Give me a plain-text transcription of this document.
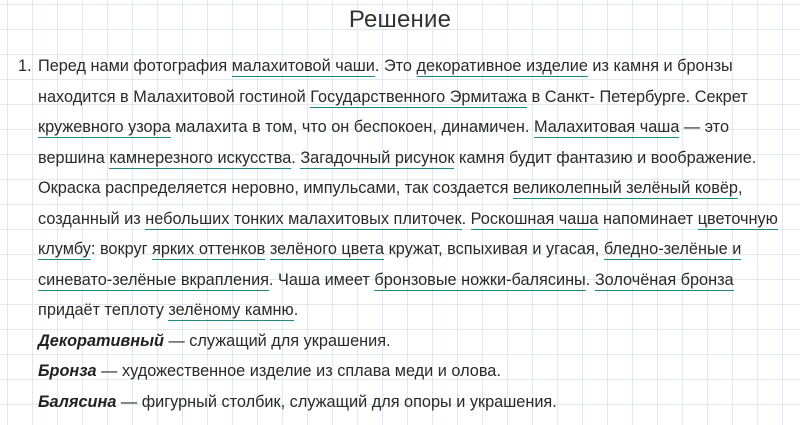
Решение
1. Перед нами фотография малахитовой чаши. Это декоративное изделие из камня и бронзы находится в Малахитовой гостиной Государственного Эрмитажа в Санкт- Петербурге. Секрет кружевного узора малахита в том, что он беспокоен, динамичен. Малахитовая чаша — это вершина камнерезного искусства. Загадочный рисунок камня будит фантазию и воображение. Окраска распределяется неровно, импульсами, так создается великолепный зелёный ковёр, созданный из небольших тонких малахитовых плиточек. Роскошная чаша напоминает цветочную клумбу: вокруг ярких оттенков зелёного цвета кружат, вспыхивая и угасая, бледно-зелёные и синевато-зелёные вкрапления. Чаша имеет бронзовые ножки-балясины. Золочёная бронза придаёт теплоту зелёному камню.
Декоративный — служащий для украшения.
Бронза — художественное изделие из сплава меди и олова.
Балясина — фигурный столбик, служащий для опоры и украшения.
